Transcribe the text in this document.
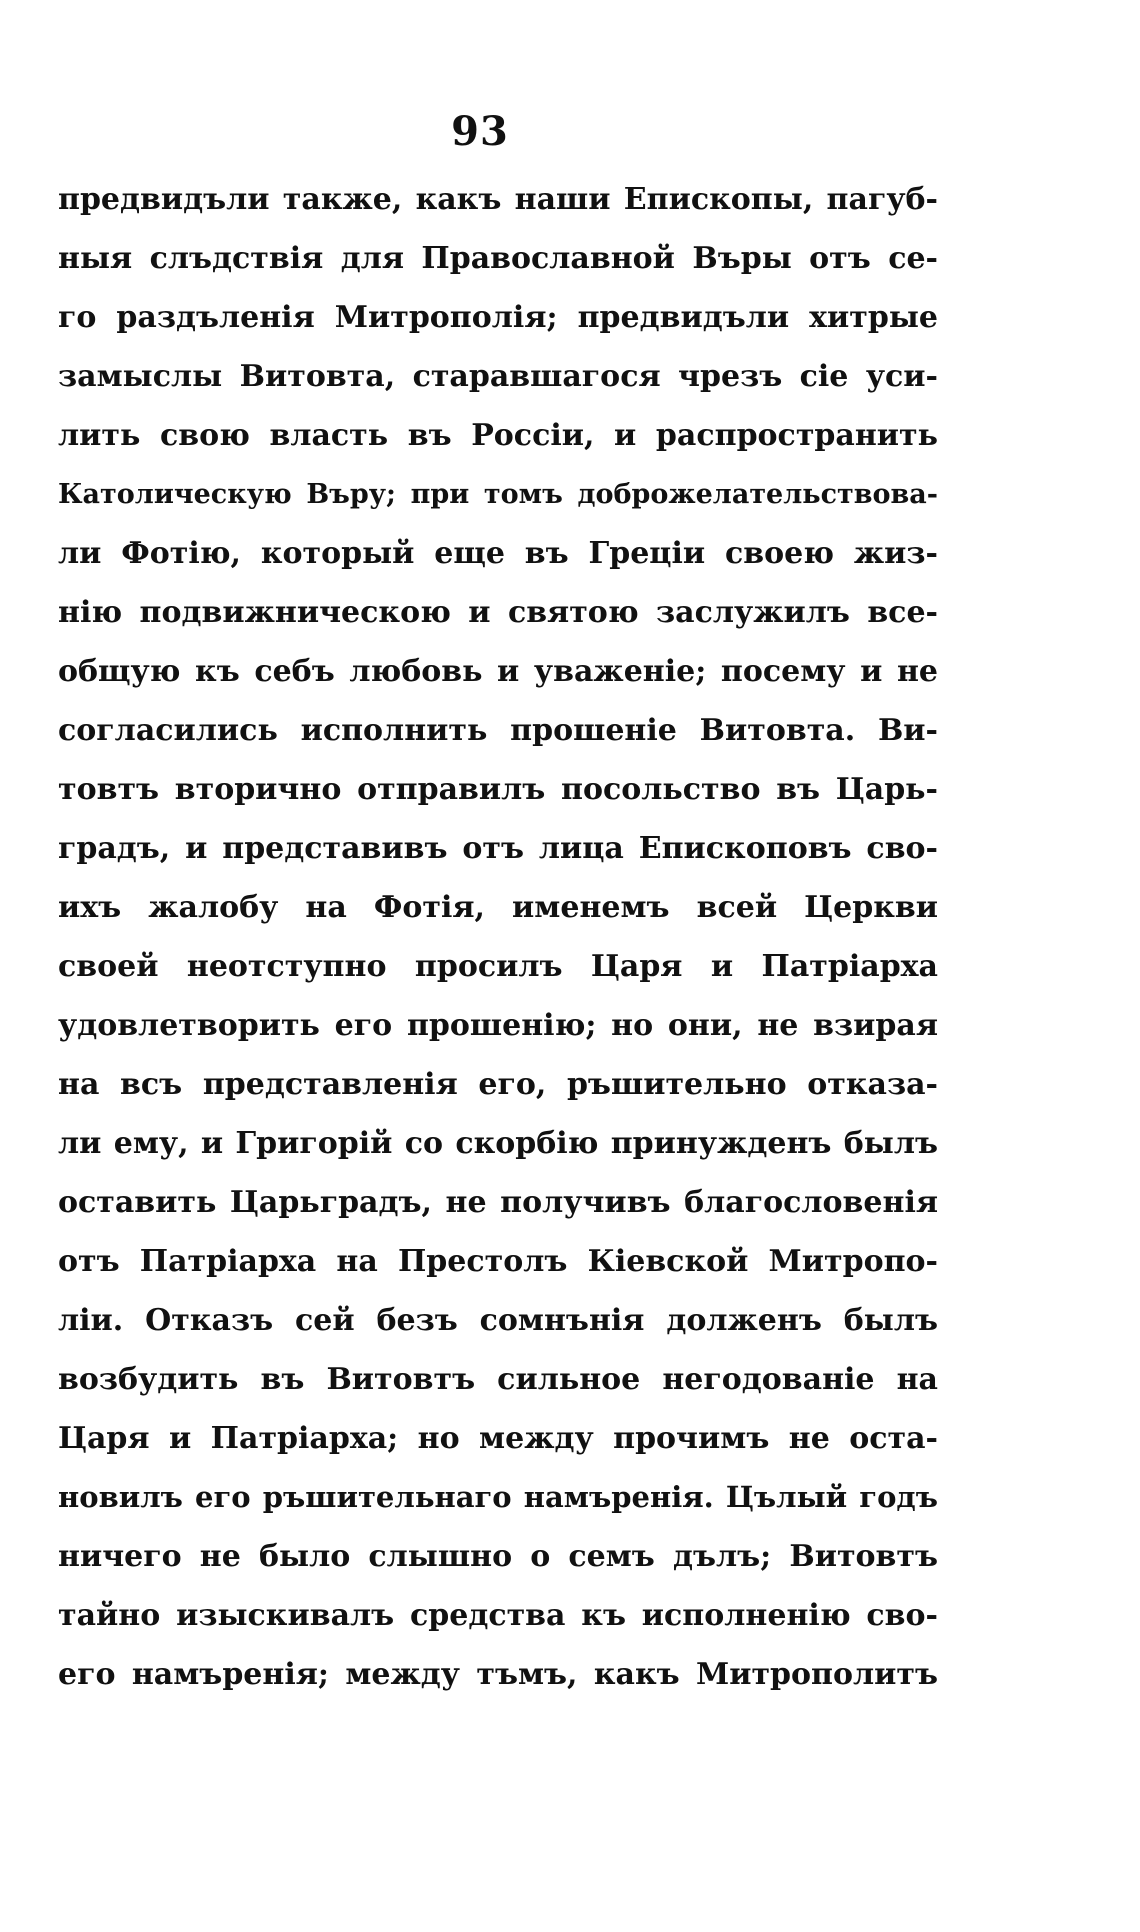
93
предвидъли также, какъ наши Епископы, пагуб-
ныя слъдствія для Православной Въры отъ се-
го раздъленія Митрополія; предвидъли хитрые
замыслы Витовта, старавшагося чрезъ сіе уси-
лить свою власть въ Россіи, и распространить
Католическую Въру; при томъ доброжелательствова-
ли Фотію, который еще въ Греціи своею жиз-
нію подвижническою и святою заслужилъ все-
общую къ себъ любовь и уваженіе; посему и не
согласились исполнить прошеніе Витовта. Ви-
товтъ вторично отправилъ посольство въ Царь-
градъ, и представивъ отъ лица Епископовъ сво-
ихъ жалобу на Фотія, именемъ всей Церкви
своей неотступно просилъ Царя и Патріарха
удовлетворить его прошенію; но они, не взирая
на всъ представленія его, ръшительно отказа-
ли ему, и Григорій со скорбію принужденъ былъ
оставить Царьградъ, не получивъ благословенія
отъ Патріарха на Престолъ Кіевской Митропо-
ліи. Отказъ сей безъ сомнънія долженъ былъ
возбудить въ Витовтъ сильное негодованіе на
Царя и Патріарха; но между прочимъ не оста-
новилъ его ръшительнаго намъренія. Цълый годъ
ничего не было слышно о семъ дълъ; Витовтъ
тайно изыскивалъ средства къ исполненію сво-
его намъренія; между тъмъ, какъ Митрополитъ
